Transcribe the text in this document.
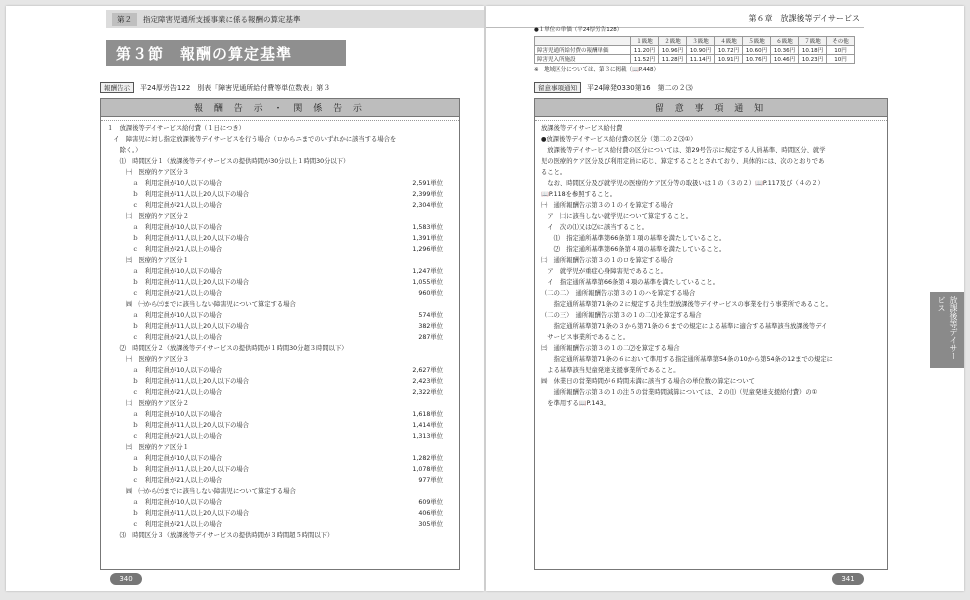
第２	指定障害児通所支援事業に係る報酬の算定基準
第３節　報酬の算定基準
報酬告示	平24厚労告122　別表「障害児通所給付費等単位数表」第３
報 酬 告 示 ・ 関 係 告 示
１　放課後等デイサービス給付費（１日につき）
　イ　障害児に対し指定放課後等デイサービスを行う場合（ロからニまでのいずれかに該当する場合を
　　除く。）
　　⑴　時間区分１（放課後等デイサービスの提供時間が30分以上１時間30分以下）
　　　㈠　医療的ケア区分３
　　　　ａ　利用定員が10人以下の場合	2,591単位
　　　　ｂ　利用定員が11人以上20人以下の場合	2,399単位
　　　　ｃ　利用定員が21人以上の場合	2,304単位
　　　㈡　医療的ケア区分２
　　　　ａ　利用定員が10人以下の場合	1,583単位
　　　　ｂ　利用定員が11人以上20人以下の場合	1,391単位
　　　　ｃ　利用定員が21人以上の場合	1,296単位
　　　㈢　医療的ケア区分１
　　　　ａ　利用定員が10人以下の場合	1,247単位
　　　　ｂ　利用定員が11人以上20人以下の場合	1,055単位
　　　　ｃ　利用定員が21人以上の場合	960単位
　　　㈣　㈠から㈢までに該当しない障害児について算定する場合
　　　　ａ　利用定員が10人以下の場合	574単位
　　　　ｂ　利用定員が11人以上20人以下の場合	382単位
　　　　ｃ　利用定員が21人以上の場合	287単位
　　⑵　時間区分２（放課後等デイサービスの提供時間が１時間30分超３時間以下）
　　　㈠　医療的ケア区分３
　　　　ａ　利用定員が10人以下の場合	2,627単位
　　　　ｂ　利用定員が11人以上20人以下の場合	2,423単位
　　　　ｃ　利用定員が21人以上の場合	2,322単位
　　　㈡　医療的ケア区分２
　　　　ａ　利用定員が10人以下の場合	1,618単位
　　　　ｂ　利用定員が11人以上20人以下の場合	1,414単位
　　　　ｃ　利用定員が21人以上の場合	1,313単位
　　　㈢　医療的ケア区分１
　　　　ａ　利用定員が10人以下の場合	1,282単位
　　　　ｂ　利用定員が11人以上20人以下の場合	1,078単位
　　　　ｃ　利用定員が21人以上の場合	977単位
　　　㈣　㈠から㈢までに該当しない障害児について算定する場合
　　　　ａ　利用定員が10人以下の場合	609単位
　　　　ｂ　利用定員が11人以上20人以下の場合	406単位
　　　　ｃ　利用定員が21人以上の場合	305単位
　　⑶　時間区分３（放課後等デイサービスの提供時間が３時間超５時間以下）
340
第６章　放課後等デイサービス
●１単位の単価（平24厚労告128）
	１級地	２級地	３級地	４級地	５級地	６級地	７級地	その他
障害児通所給付費の報酬単価	11.20円	10.96円	10.90円	10.72円	10.60円	10.36円	10.18円	10円
障害児入所施設	11.52円	11.28円	11.14円	10.91円	10.76円	10.46円	10.23円	10円
※　地域区分については、第３に掲載（📖P.448）
留意事項通知	平24障発0330第16　第二の２⑶
留 意 事 項 通 知
放課後等デイサービス給付費
●放課後等デイサービス給付費の区分（第二の２⑶①）
　放課後等デイサービス給付費の区分については、第29号告示に規定する人員基準、時間区分、就学
児の医療的ケア区分及び利用定員に応じ、算定することとされており、具体的には、次のとおりであ
ること。
　なお、時間区分及び就学児の医療的ケア区分等の取扱いは１の（３の２）📖P.117及び（４の２）
📖P.118を参照すること。
㈠　通所報酬告示第３の１のイを算定する場合
　ア　㈡に該当しない就学児について算定すること。
　イ　次の⑴又は⑵に該当すること。
　　⑴　指定通所基準第66条第１項の基準を満たしていること。
　　⑵　指定通所基準第66条第４項の基準を満たしていること。
㈡　通所報酬告示第３の１のロを算定する場合
　ア　就学児が重症心身障害児であること。
　イ　指定通所基準第66条第４項の基準を満たしていること。
（二の二）　通所報酬告示第３の１のハを算定する場合
　　指定通所基準第71条の２に規定する共生型放課後等デイサービスの事業を行う事業所であること。
（二の三）　通所報酬告示第３の１の二⑴を算定する場合
　　指定通所基準第71条の３から第71条の６までの規定による基準に適合する基準該当放課後等デイ
　サービス事業所であること。
㈢　通所報酬告示第３の１の二⑵を算定する場合
　　指定通所基準第71条の６において準用する指定通所基準第54条の10から第54条の12までの規定に
　よる基準該当児童発達支援事業所であること。
㈣　休業日の営業時間が６時間未満に該当する場合の単位数の算定について
　　通所報酬告示第３の１の注５の営業時間減算については、２の⑴（児童発達支援給付費）の①
　を準用する📖P.143。
放課後等デイサービス
341
